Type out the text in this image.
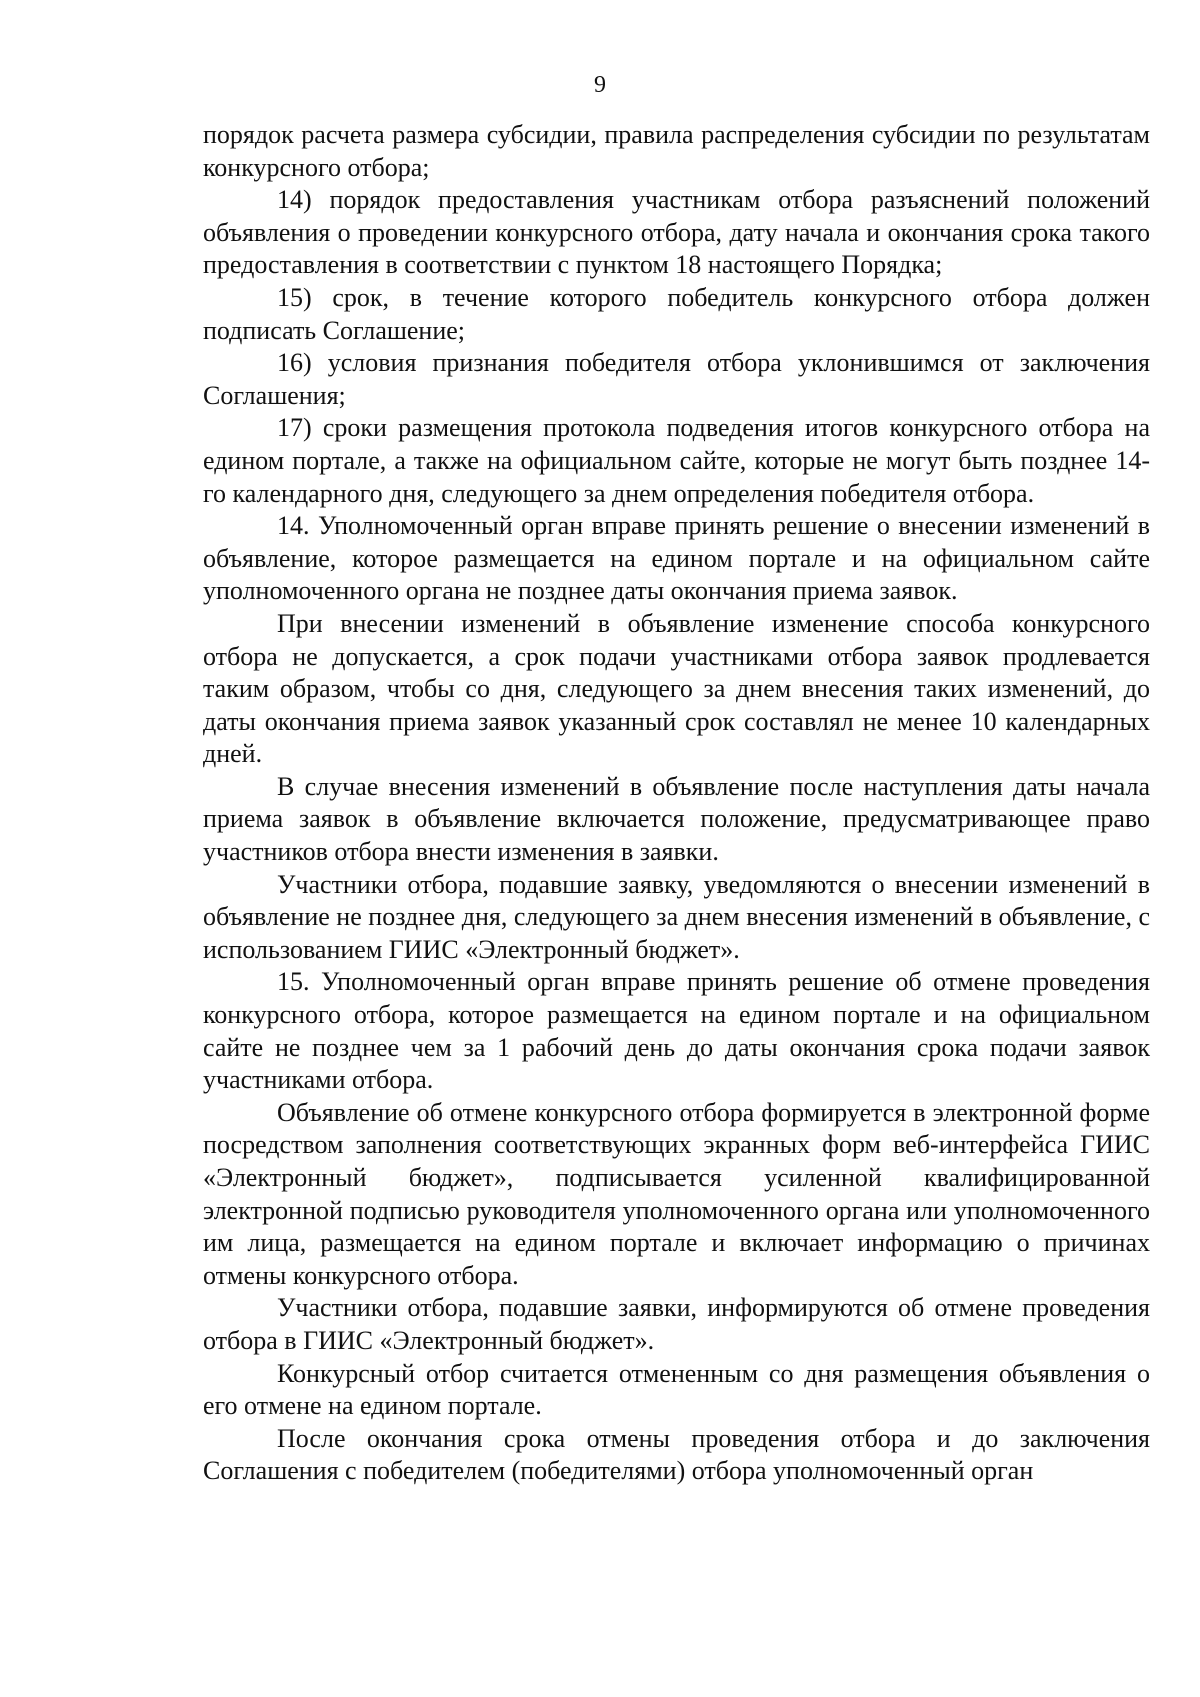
9

порядок расчета размера субсидии, правила распределения субсидии по результатам конкурсного отбора;

14) порядок предоставления участникам отбора разъяснений положений объявления о проведении конкурсного отбора, дату начала и окончания срока такого предоставления в соответствии с пунктом 18 настоящего Порядка;

15) срок, в течение которого победитель конкурсного отбора должен подписать Соглашение;

16) условия признания победителя отбора уклонившимся от заключения Соглашения;

17) сроки размещения протокола подведения итогов конкурсного отбора на едином портале, а также на официальном сайте, которые не могут быть позднее 14-го календарного дня, следующего за днем определения победителя отбора.

14. Уполномоченный орган вправе принять решение о внесении изменений в объявление, которое размещается на едином портале и на официальном сайте уполномоченного органа не позднее даты окончания приема заявок.

При внесении изменений в объявление изменение способа конкурсного отбора не допускается, а срок подачи участниками отбора заявок продлевается таким образом, чтобы со дня, следующего за днем внесения таких изменений, до даты окончания приема заявок указанный срок составлял не менее 10 календарных дней.

В случае внесения изменений в объявление после наступления даты начала приема заявок в объявление включается положение, предусматривающее право участников отбора внести изменения в заявки.

Участники отбора, подавшие заявку, уведомляются о внесении изменений в объявление не позднее дня, следующего за днем внесения изменений в объявление, с использованием ГИИС «Электронный бюджет».

15. Уполномоченный орган вправе принять решение об отмене проведения конкурсного отбора, которое размещается на едином портале и на официальном сайте не позднее чем за 1 рабочий день до даты окончания срока подачи заявок участниками отбора.

Объявление об отмене конкурсного отбора формируется в электронной форме посредством заполнения соответствующих экранных форм веб-интерфейса ГИИС «Электронный бюджет», подписывается усиленной квалифицированной электронной подписью руководителя уполномоченного органа или уполномоченного им лица, размещается на едином портале и включает информацию о причинах отмены конкурсного отбора.

Участники отбора, подавшие заявки, информируются об отмене проведения отбора в ГИИС «Электронный бюджет».

Конкурсный отбор считается отмененным со дня размещения объявления о его отмене на едином портале.

После окончания срока отмены проведения отбора и до заключения Соглашения с победителем (победителями) отбора уполномоченный орган
